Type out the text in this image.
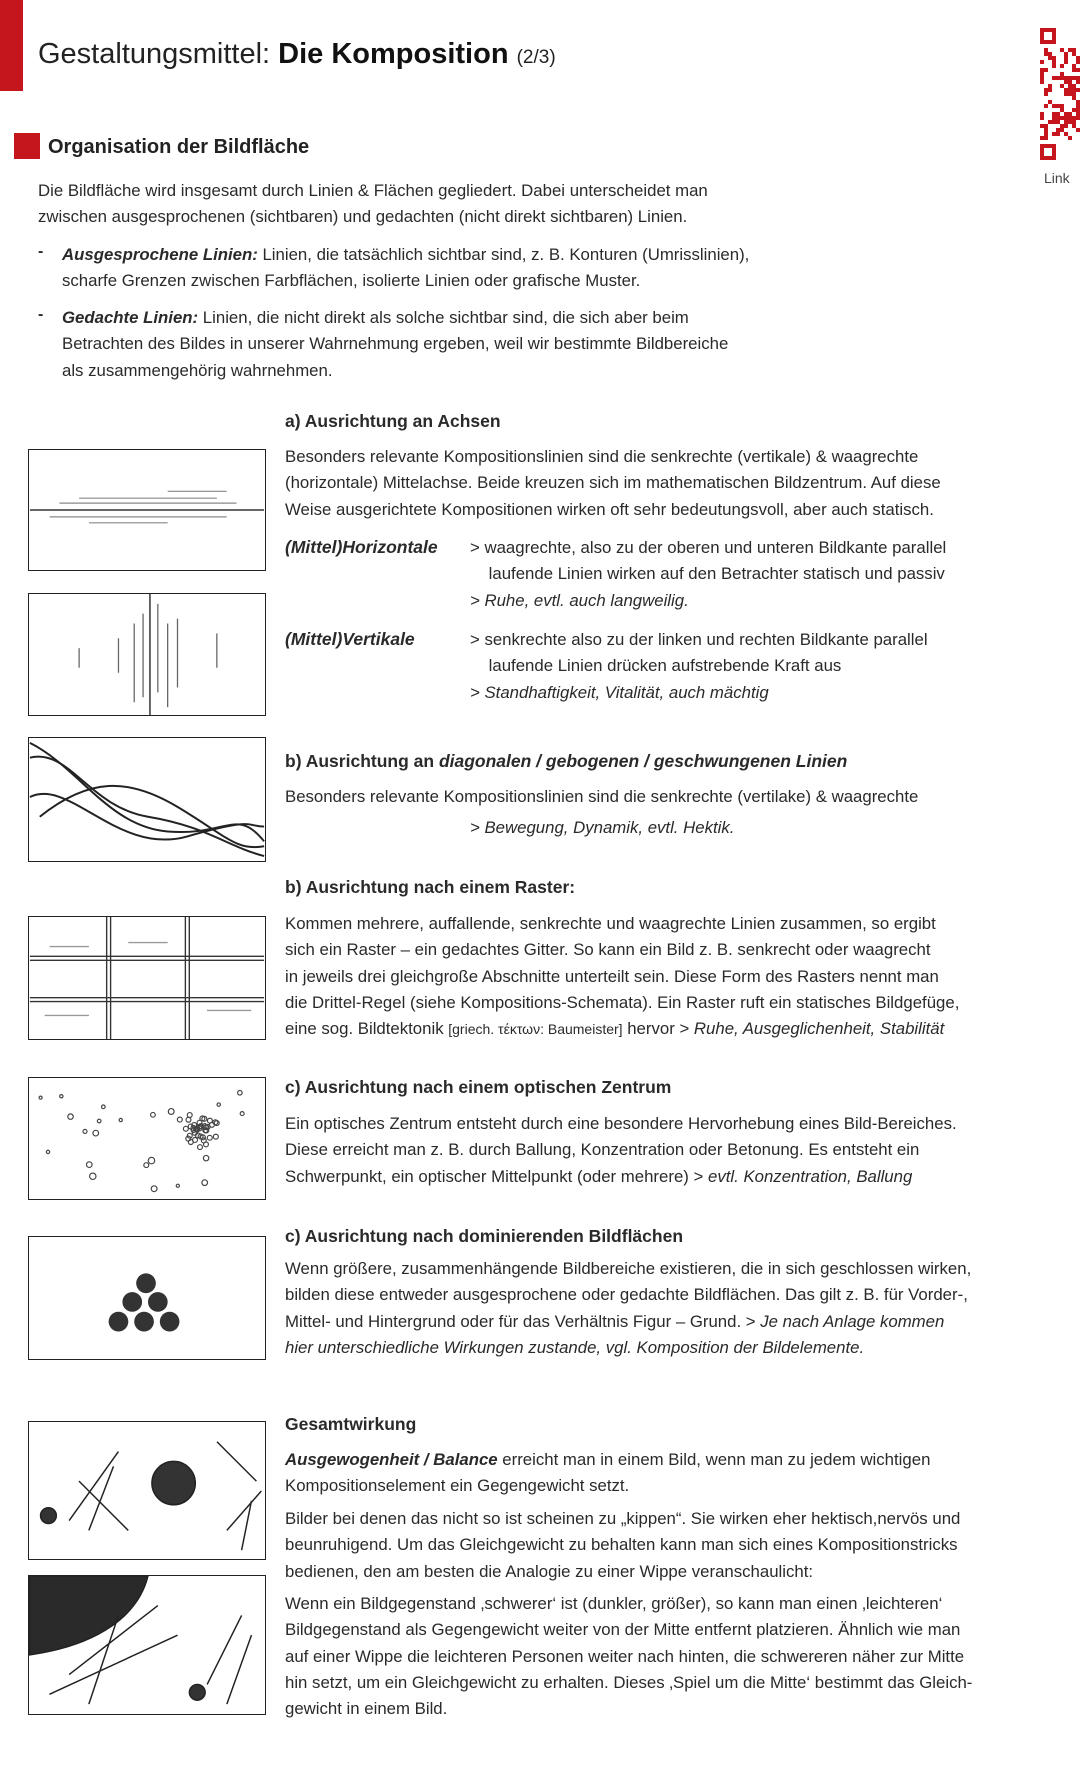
Gestaltungsmittel: Die Komposition (2/3)
Link
Organisation der Bildfläche
Die Bildfläche wird insgesamt durch Linien & Flächen gegliedert. Dabei unterscheidet man
zwischen ausgesprochenen (sichtbaren) und gedachten (nicht direkt sichtbaren) Linien.
- Ausgesprochene Linien: Linien, die tatsächlich sichtbar sind, z. B. Konturen (Umrisslinien),
scharfe Grenzen zwischen Farbflächen, isolierte Linien oder grafische Muster.
- Gedachte Linien: Linien, die nicht direkt als solche sichtbar sind, die sich aber beim
Betrachten des Bildes in unserer Wahrnehmung ergeben, weil wir bestimmte Bildbereiche
als zusammengehörig wahrnehmen.
a) Ausrichtung an Achsen
Besonders relevante Kompositionslinien sind die senkrechte (vertikale) & waagrechte
(horizontale) Mittelachse. Beide kreuzen sich im mathematischen Bildzentrum. Auf diese
Weise ausgerichtete Kompositionen wirken oft sehr bedeutungsvoll, aber auch statisch.
(Mittel)Horizontale > waagrechte, also zu der oberen und unteren Bildkante parallel
laufende Linien wirken auf den Betrachter statisch und passiv
> Ruhe, evtl. auch langweilig.
(Mittel)Vertikale	> senkrechte also zu der linken und rechten Bildkante parallel
laufende Linien drücken aufstrebende Kraft aus
> Standhaftigkeit, Vitalität, auch mächtig
b) Ausrichtung an diagonalen / gebogenen / geschwungenen Linien
Besonders relevante Kompositionslinien sind die senkrechte (vertilake) & waagrechte
> Bewegung, Dynamik, evtl. Hektik.
b) Ausrichtung nach einem Raster:
Kommen mehrere, auffallende, senkrechte und waagrechte Linien zusammen, so ergibt
sich ein Raster – ein gedachtes Gitter. So kann ein Bild z. B. senkrecht oder waagrecht
in jeweils drei gleichgroße Abschnitte unterteilt sein. Diese Form des Rasters nennt man
die Drittel-Regel (siehe Kompositions-Schemata). Ein Raster ruft ein statisches Bildgefüge,
eine sog. Bildtektonik [griech. τέκτων: Baumeister] hervor > Ruhe, Ausgeglichenheit, Stabilität
c) Ausrichtung nach einem optischen Zentrum
Ein optisches Zentrum entsteht durch eine besondere Hervorhebung eines Bild-Bereiches.
Diese erreicht man z. B. durch Ballung, Konzentration oder Betonung. Es entsteht ein
Schwerpunkt, ein optischer Mittelpunkt (oder mehrere) > evtl. Konzentration, Ballung
c) Ausrichtung nach dominierenden Bildflächen
Wenn größere, zusammenhängende Bildbereiche existieren, die in sich geschlossen wirken,
bilden diese entweder ausgesprochene oder gedachte Bildflächen. Das gilt z. B. für Vorder-,
Mittel- und Hintergrund oder für das Verhältnis Figur – Grund. > Je nach Anlage kommen
hier unterschiedliche Wirkungen zustande, vgl. Komposition der Bildelemente.
Gesamtwirkung
Ausgewogenheit / Balance erreicht man in einem Bild, wenn man zu jedem wichtigen
Kompositionselement ein Gegengewicht setzt.
Bilder bei denen das nicht so ist scheinen zu „kippen“. Sie wirken eher hektisch,nervös und
beunruhigend. Um das Gleichgewicht zu behalten kann man sich eines Kompositionstricks
bedienen, den am besten die Analogie zu einer Wippe veranschaulicht:
Wenn ein Bildgegenstand ‚schwerer‘ ist (dunkler, größer), so kann man einen ‚leichteren‘
Bildgegenstand als Gegengewicht weiter von der Mitte entfernt platzieren. Ähnlich wie man
auf einer Wippe die leichteren Personen weiter nach hinten, die schwereren näher zur Mitte
hin setzt, um ein Gleichgewicht zu erhalten. Dieses ‚Spiel um die Mitte‘ bestimmt das Gleich-
gewicht in einem Bild.
